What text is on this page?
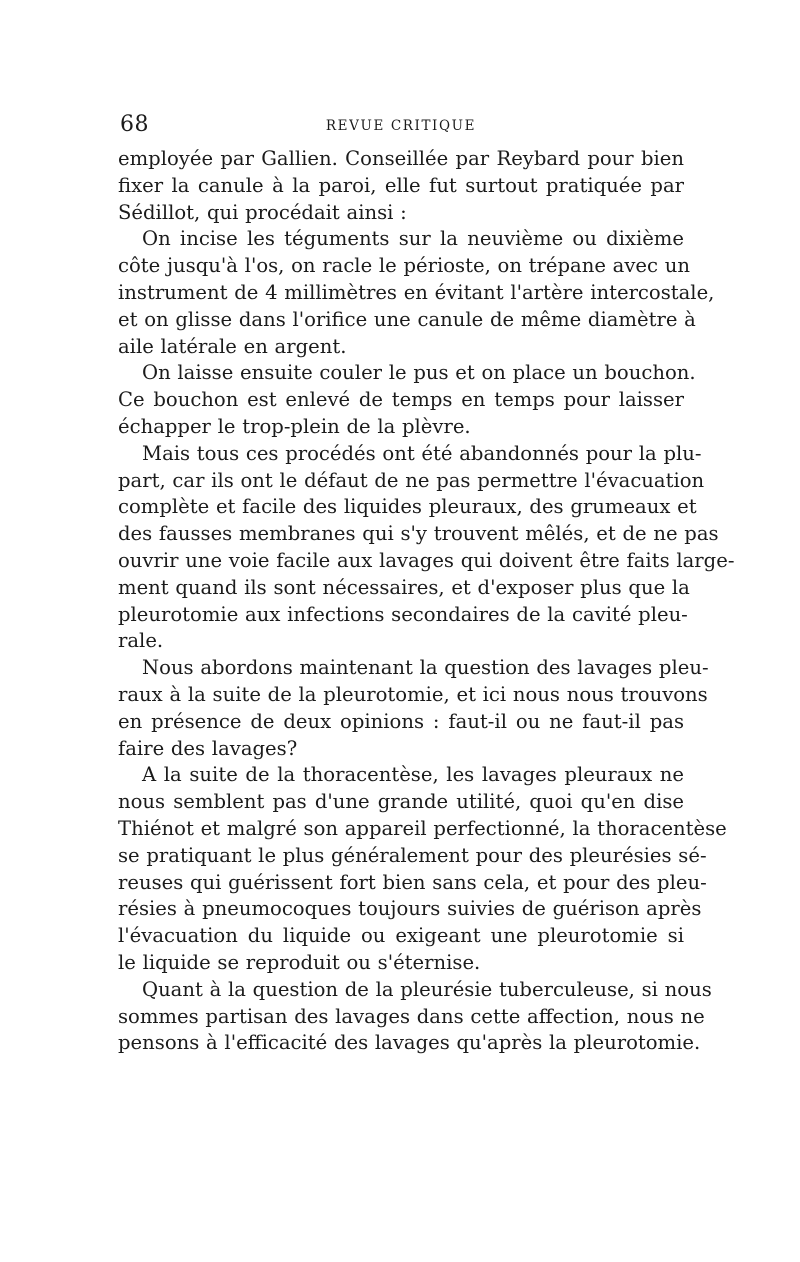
68	REVUE CRITIQUE
employée par Gallien. Conseillée par Reybard pour bien
fixer la canule à la paroi, elle fut surtout pratiquée par
Sédillot, qui procédait ainsi :
On incise les téguments sur la neuvième ou dixième
côte jusqu'à l'os, on racle le périoste, on trépane avec un
instrument de 4 millimètres en évitant l'artère intercostale,
et on glisse dans l'orifice une canule de même diamètre à
aile latérale en argent.
On laisse ensuite couler le pus et on place un bouchon.
Ce bouchon est enlevé de temps en temps pour laisser
échapper le trop-plein de la plèvre.
Mais tous ces procédés ont été abandonnés pour la plu-
part, car ils ont le défaut de ne pas permettre l'évacuation
complète et facile des liquides pleuraux, des grumeaux et
des fausses membranes qui s'y trouvent mêlés, et de ne pas
ouvrir une voie facile aux lavages qui doivent être faits large-
ment quand ils sont nécessaires, et d'exposer plus que la
pleurotomie aux infections secondaires de la cavité pleu-
rale.
Nous abordons maintenant la question des lavages pleu-
raux à la suite de la pleurotomie, et ici nous nous trouvons
en présence de deux opinions : faut-il ou ne faut-il pas
faire des lavages?
A la suite de la thoracentèse, les lavages pleuraux ne
nous semblent pas d'une grande utilité, quoi qu'en dise
Thiénot et malgré son appareil perfectionné, la thoracentèse
se pratiquant le plus généralement pour des pleurésies sé-
reuses qui guérissent fort bien sans cela, et pour des pleu-
résies à pneumocoques toujours suivies de guérison après
l'évacuation du liquide ou exigeant une pleurotomie si
le liquide se reproduit ou s'éternise.
Quant à la question de la pleurésie tuberculeuse, si nous
sommes partisan des lavages dans cette affection, nous ne
pensons à l'efficacité des lavages qu'après la pleurotomie.
